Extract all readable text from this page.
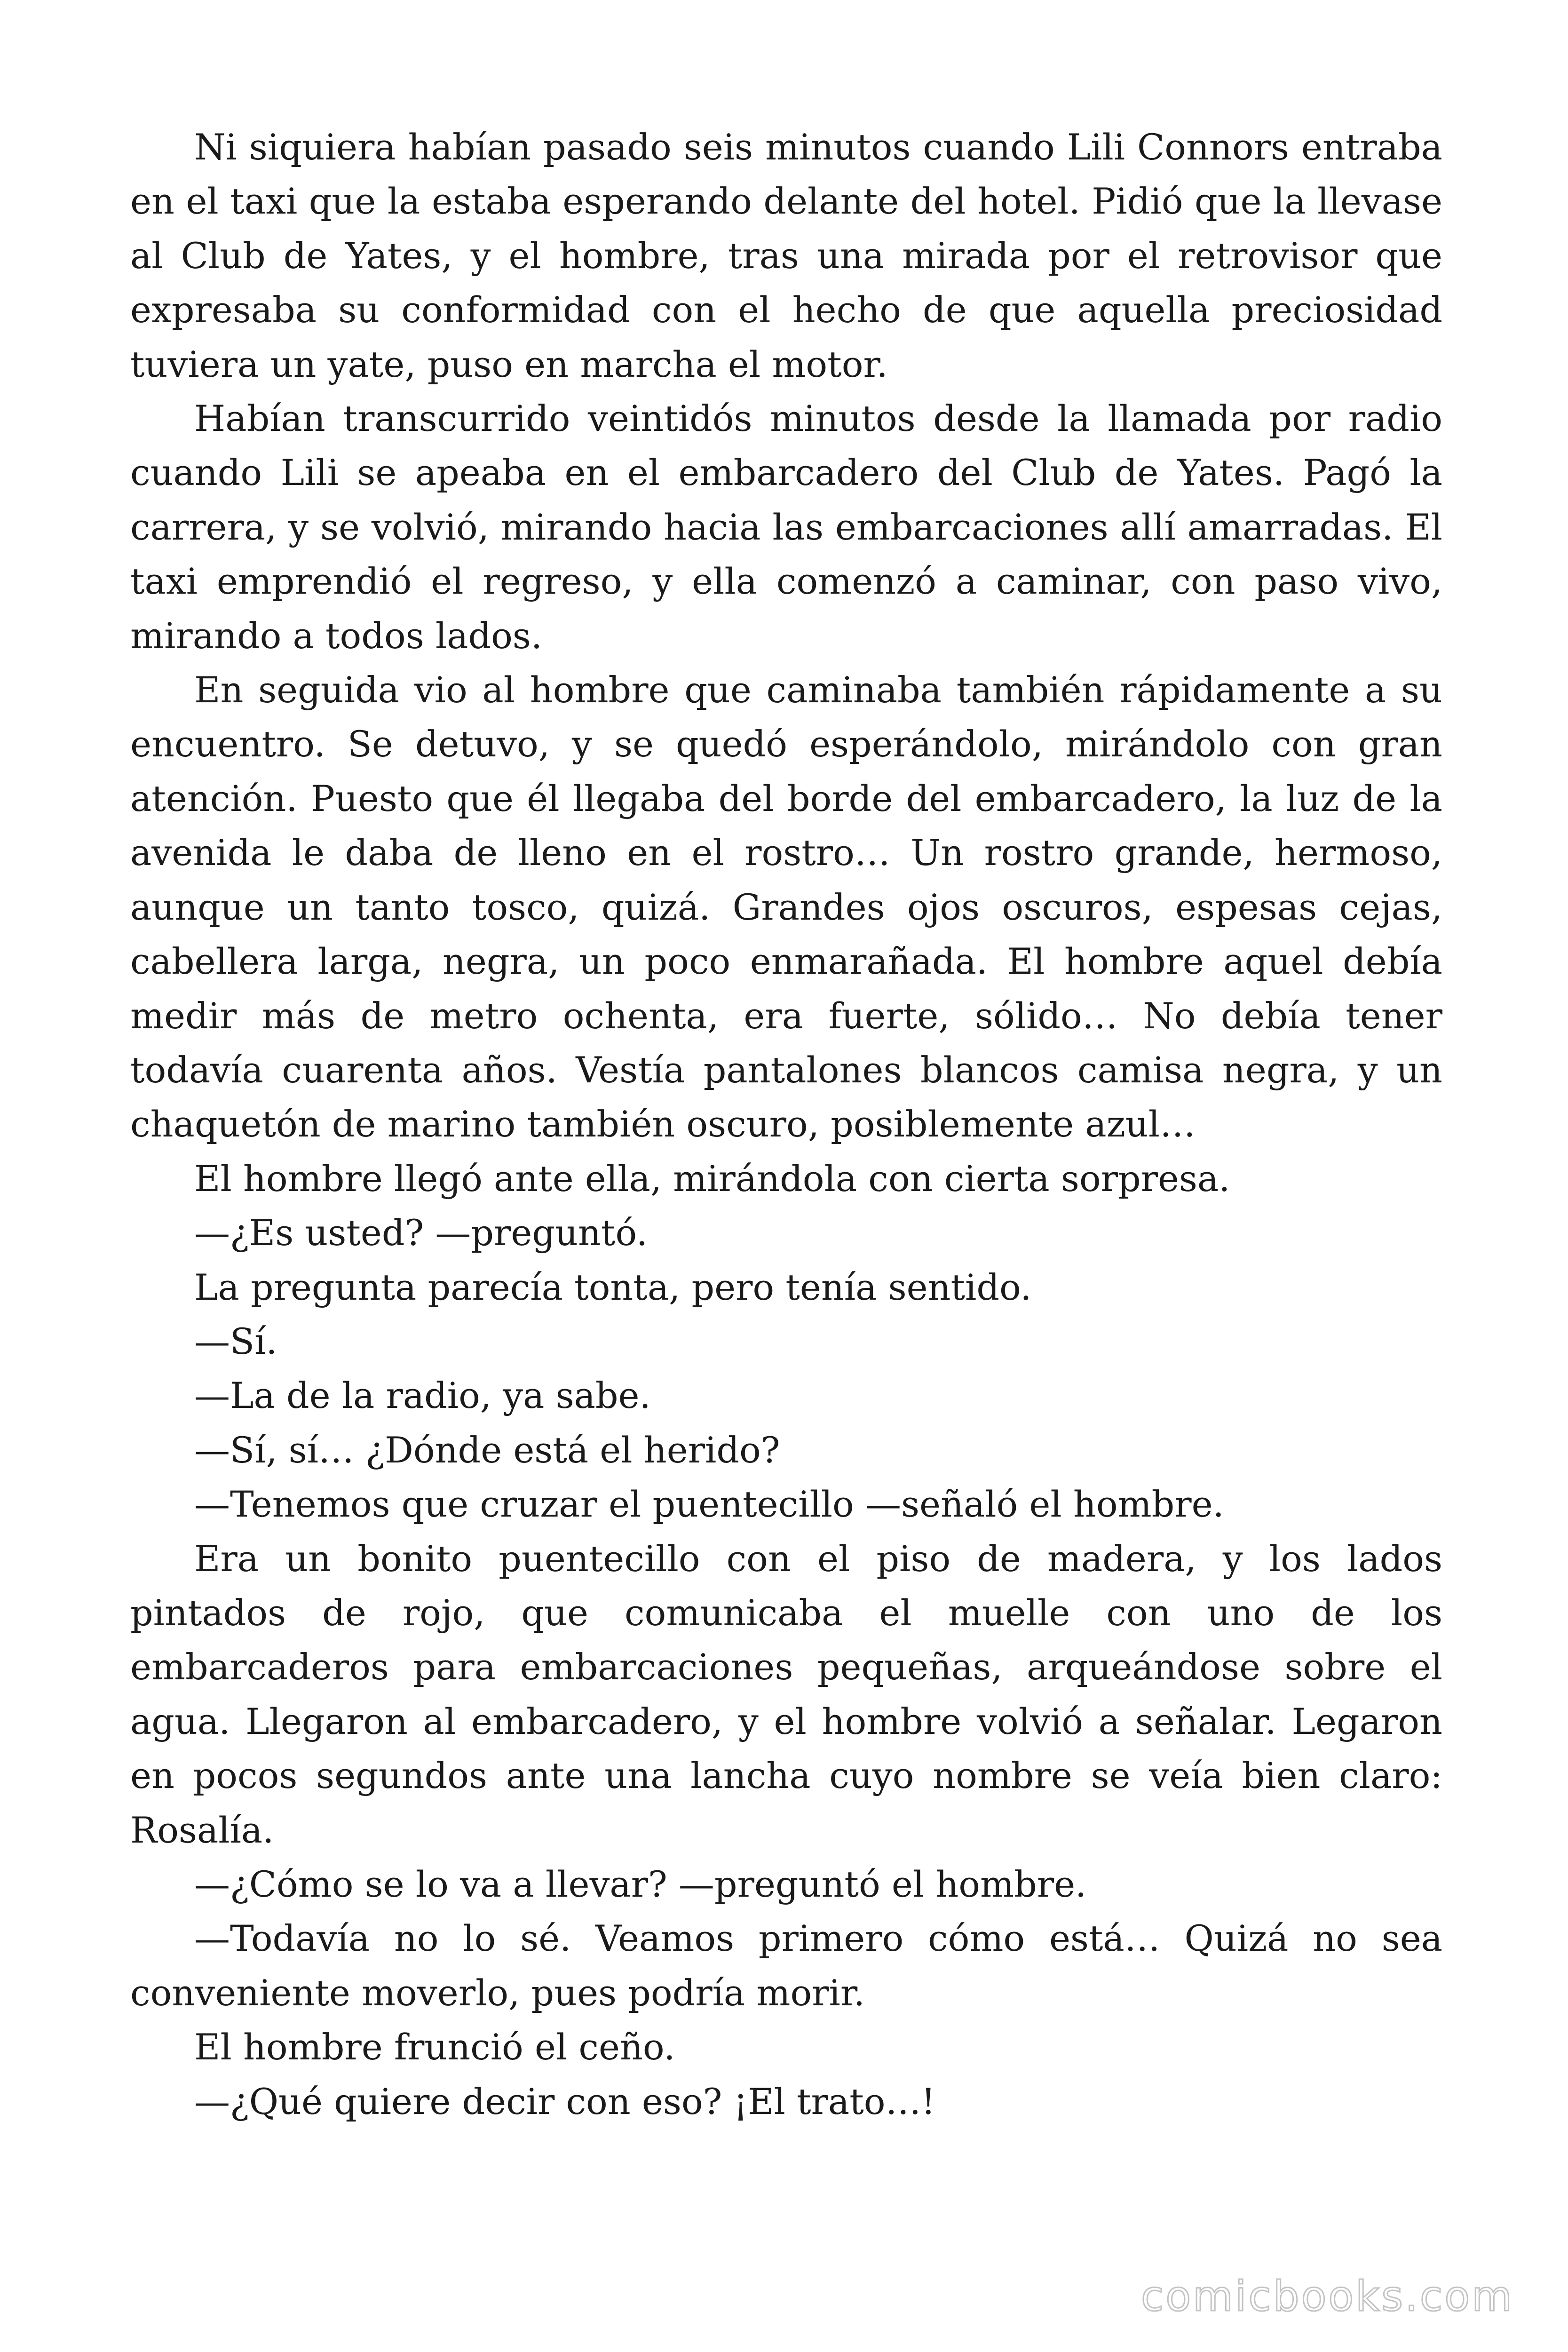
Ni siquiera habían pasado seis minutos cuando Lili Connors entraba en el taxi que la estaba esperando delante del hotel. Pidió que la llevase al Club de Yates, y el hombre, tras una mirada por el retrovisor que expresaba su conformidad con el hecho de que aquella preciosidad tuviera un yate, puso en marcha el motor.

Habían transcurrido veintidós minutos desde la llamada por radio cuando Lili se apeaba en el embarcadero del Club de Yates. Pagó la carrera, y se volvió, mirando hacia las embarcaciones allí amarradas. El taxi emprendió el regreso, y ella comenzó a caminar, con paso vivo, mirando a todos lados.

En seguida vio al hombre que caminaba también rápidamente a su encuentro. Se detuvo, y se quedó esperándolo, mirándolo con gran atención. Puesto que él llegaba del borde del embarcadero, la luz de la avenida le daba de lleno en el rostro… Un rostro grande, hermoso, aunque un tanto tosco, quizá. Grandes ojos oscuros, espesas cejas, cabellera larga, negra, un poco enmarañada. El hombre aquel debía medir más de metro ochenta, era fuerte, sólido… No debía tener todavía cuarenta años. Vestía pantalones blancos camisa negra, y un chaquetón de marino también oscuro, posiblemente azul…

El hombre llegó ante ella, mirándola con cierta sorpresa.

—¿Es usted? —preguntó.

La pregunta parecía tonta, pero tenía sentido.

—Sí.

—La de la radio, ya sabe.

—Sí, sí… ¿Dónde está el herido?

—Tenemos que cruzar el puentecillo —señaló el hombre.

Era un bonito puentecillo con el piso de madera, y los lados pintados de rojo, que comunicaba el muelle con uno de los embarcaderos para embarcaciones pequeñas, arqueándose sobre el agua. Llegaron al embarcadero, y el hombre volvió a señalar. Legaron en pocos segundos ante una lancha cuyo nombre se veía bien claro: Rosalía.

—¿Cómo se lo va a llevar? —preguntó el hombre.

—Todavía no lo sé. Veamos primero cómo está… Quizá no sea conveniente moverlo, pues podría morir.

El hombre frunció el ceño.

—¿Qué quiere decir con eso? ¡El trato…!

comicbooks.com
